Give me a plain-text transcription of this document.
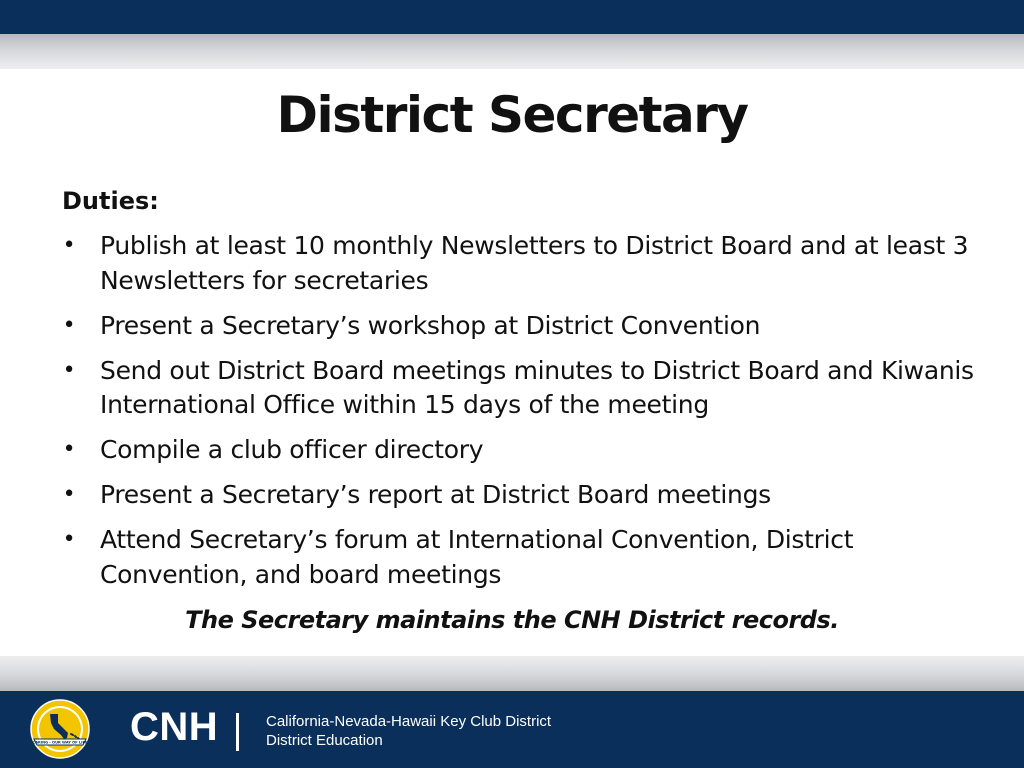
District Secretary
Duties:
• Publish at least 10 monthly Newsletters to District Board and at least 3 Newsletters for secretaries
• Present a Secretary’s workshop at District Convention
• Send out District Board meetings minutes to District Board and Kiwanis International Office within 15 days of the meeting
• Compile a club officer directory
• Present a Secretary’s report at District Board meetings
• Attend Secretary’s forum at International Convention, District Convention, and board meetings
The Secretary maintains the CNH District records.
CARING - OUR WAY OF LIFE CNH	California-Nevada-Hawaii Key Club District
District Education
